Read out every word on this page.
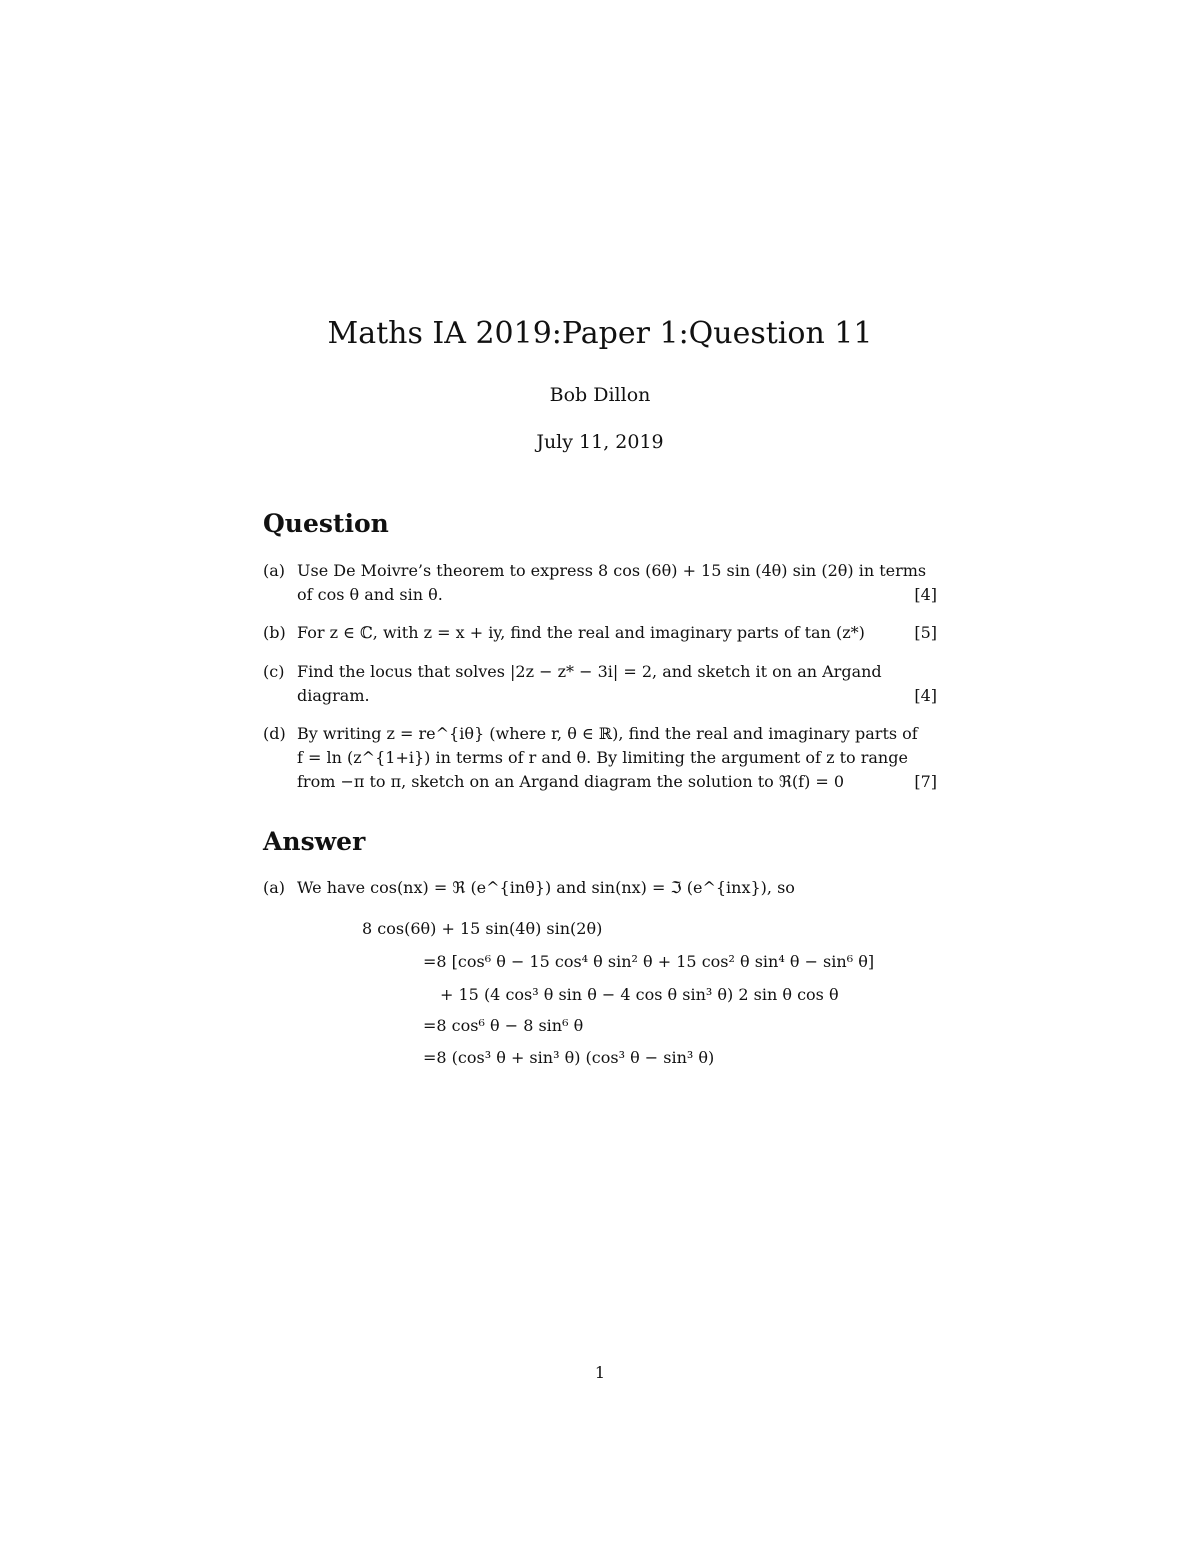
Maths IA 2019:Paper 1:Question 11
Bob Dillon
July 11, 2019
Question
(a) Use De Moivre’s theorem to express 8 cos (6θ) + 15 sin (4θ) sin (2θ) in terms
of cos θ and sin θ.	[4]
(b) For z ∈ ℂ, with z = x + iy, find the real and imaginary parts of tan (z*)	[5]
(c) Find the locus that solves |2z − z* − 3i| = 2, and sketch it on an Argand
diagram.	[4]
(d) By writing z = re^{iθ} (where r, θ ∈ ℝ), find the real and imaginary parts of
f = ln (z^{1+i}) in terms of r and θ. By limiting the argument of z to range
from −π to π, sketch on an Argand diagram the solution to ℜ(f) = 0	[7]
Answer
(a) We have cos(nx) = ℜ (e^{inθ}) and sin(nx) = ℑ (e^{inx}), so
8 cos(6θ) + 15 sin(4θ) sin(2θ)
=8 [cos⁶ θ − 15 cos⁴ θ sin² θ + 15 cos² θ sin⁴ θ − sin⁶ θ]
+ 15 (4 cos³ θ sin θ − 4 cos θ sin³ θ) 2 sin θ cos θ
=8 cos⁶ θ − 8 sin⁶ θ
=8 (cos³ θ + sin³ θ) (cos³ θ − sin³ θ)
1
